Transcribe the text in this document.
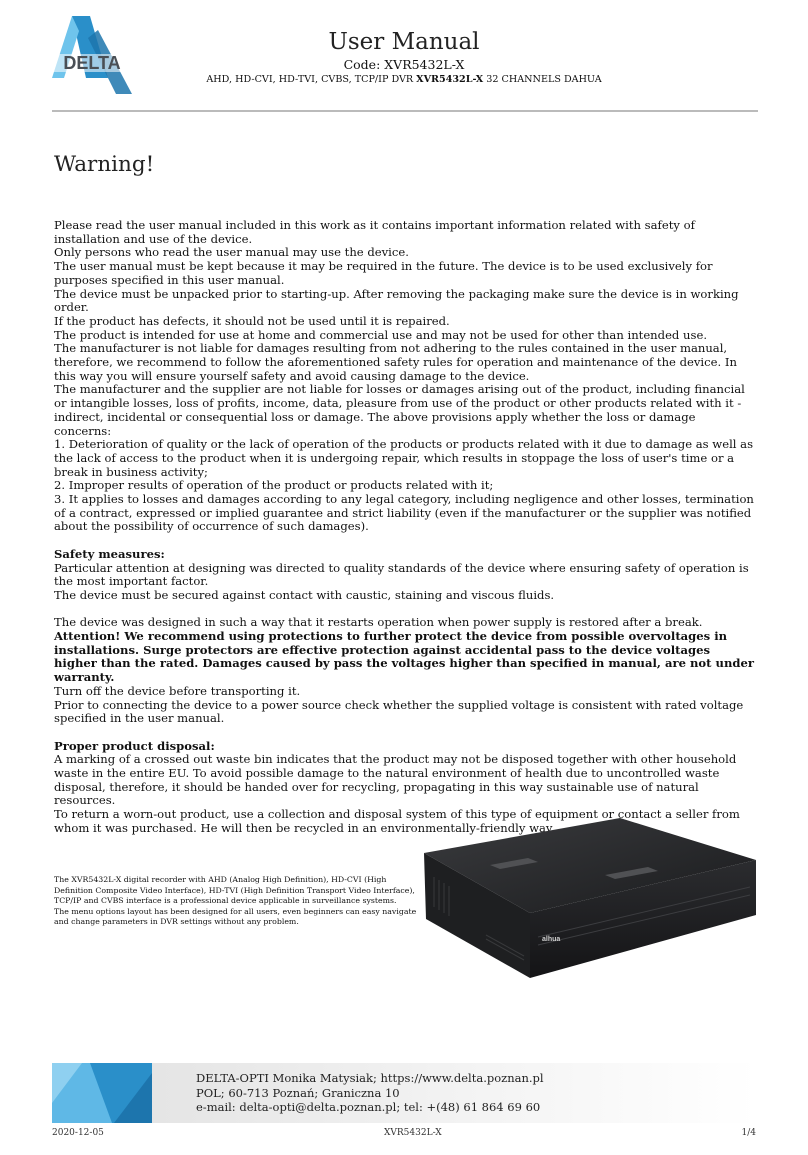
DELTA
User Manual
Code: XVR5432L-X
AHD, HD-CVI, HD-TVI, CVBS, TCP/IP DVR XVR5432L-X 32 CHANNELS DAHUA
Warning!

Please read the user manual included in this work as it contains important information related with safety of installation and use of the device.

Only persons who read the user manual may use the device.

The user manual must be kept because it may be required in the future. The device is to be used exclusively for purposes specified in this user manual.

The device must be unpacked prior to starting-up. After removing the packaging make sure the device is in working order.

If the product has defects, it should not be used until it is repaired.

The product is intended for use at home and commercial use and may not be used for other than intended use.

The manufacturer is not liable for damages resulting from not adhering to the rules contained in the user manual, therefore, we recommend to follow the aforementioned safety rules for operation and maintenance of the device. In this way you will ensure yourself safety and avoid causing damage to the device.

The manufacturer and the supplier are not liable for losses or damages arising out of the product, including financial or intangible losses, loss of profits, income, data, pleasure from use of the product or other products related with it - indirect, incidental or consequential loss or damage. The above provisions apply whether the loss or damage concerns:

1. Deterioration of quality or the lack of operation of the products or products related with it due to damage as well as the lack of access to the product when it is undergoing repair, which results in stoppage the loss of user's time or a break in business activity;

2. Improper results of operation of the product or products related with it;

3. It applies to losses and damages according to any legal category, including negligence and other losses, termination of a contract, expressed or implied guarantee and strict liability (even if the manufacturer or the supplier was notified about the possibility of occurrence of such damages).

Safety measures:

Particular attention at designing was directed to quality standards of the device where ensuring safety of operation is the most important factor.

The device must be secured against contact with caustic, staining and viscous fluids.

The device was designed in such a way that it restarts operation when power supply is restored after a break.

Attention! We recommend using protections to further protect the device from possible overvoltages in installations. Surge protectors are effective protection against accidental pass to the device voltages higher than the rated. Damages caused by pass the voltages higher than specified in manual, are not under warranty.

Turn off the device before transporting it.

Prior to connecting the device to a power source check whether the supplied voltage is consistent with rated voltage specified in the user manual.

Proper product disposal:

A marking of a crossed out waste bin indicates that the product may not be disposed together with other household waste in the entire EU. To avoid possible damage to the natural environment of health due to uncontrolled waste disposal, therefore, it should be handed over for recycling, propagating in this way sustainable use of natural resources.

To return a worn-out product, use a collection and disposal system of this type of equipment or contact a seller from whom it was purchased. He will then be recycled in an environmentally-friendly way.

The XVR5432L-X digital recorder with AHD (Analog High Definition), HD-CVI (High Definition Composite Video Interface), HD-TVI (High Definition Transport Video Interface), TCP/IP and CVBS interface is a professional device applicable in surveillance systems.

The menu options layout has been designed for all users, even beginners can easy navigate and change parameters in DVR settings without any problem.

alhua
DELTA-OPTI Monika Matysiak; https://www.delta.poznan.pl
POL; 60-713 Poznań; Graniczna 10
e-mail: delta-opti@delta.poznan.pl; tel: +(48) 61 864 69 60
2020-12-05	XVR5432L-X	1/4
